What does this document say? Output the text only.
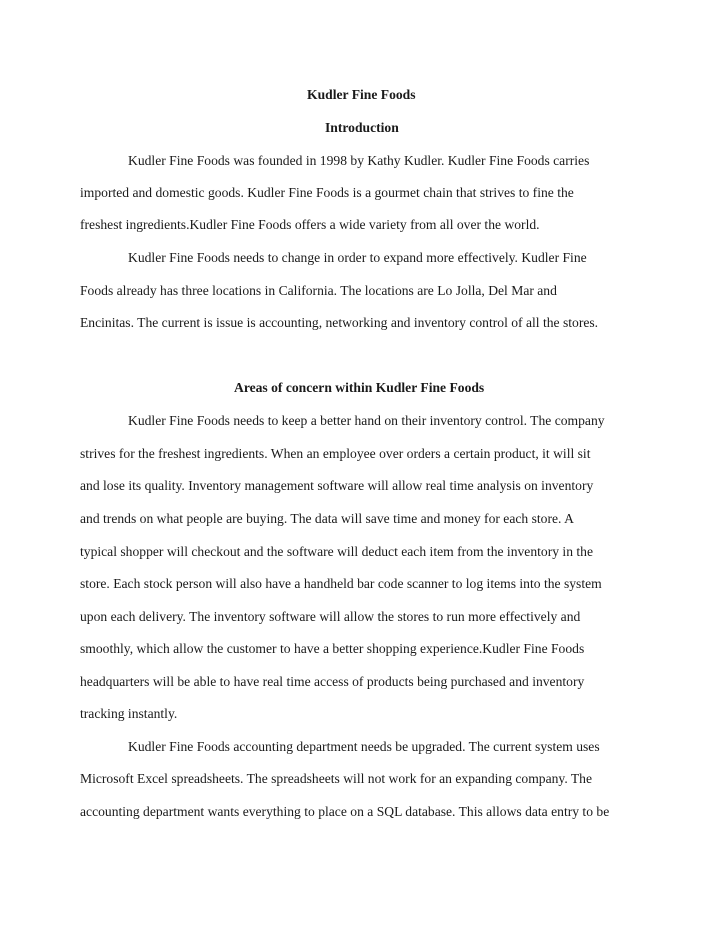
Kudler Fine Foods
Introduction
Kudler Fine Foods was founded in 1998 by Kathy Kudler. Kudler Fine Foods carries
imported and domestic goods. Kudler Fine Foods is a gourmet chain that strives to fine the
freshest ingredients.Kudler Fine Foods offers a wide variety from all over the world.
Kudler Fine Foods needs to change in order to expand more effectively. Kudler Fine
Foods already has three locations in California. The locations are Lo Jolla, Del Mar and
Encinitas. The current is issue is accounting, networking and inventory control of all the stores.
Areas of concern within Kudler Fine Foods
Kudler Fine Foods needs to keep a better hand on their inventory control. The company
strives for the freshest ingredients. When an employee over orders a certain product, it will sit
and lose its quality. Inventory management software will allow real time analysis on inventory
and trends on what people are buying. The data will save time and money for each store. A
typical shopper will checkout and the software will deduct each item from the inventory in the
store. Each stock person will also have a handheld bar code scanner to log items into the system
upon each delivery. The inventory software will allow the stores to run more effectively and
smoothly, which allow the customer to have a better shopping experience.Kudler Fine Foods
headquarters will be able to have real time access of products being purchased and inventory
tracking instantly.
Kudler Fine Foods accounting department needs be upgraded. The current system uses
Microsoft Excel spreadsheets. The spreadsheets will not work for an expanding company. The
accounting department wants everything to place on a SQL database. This allows data entry to be
